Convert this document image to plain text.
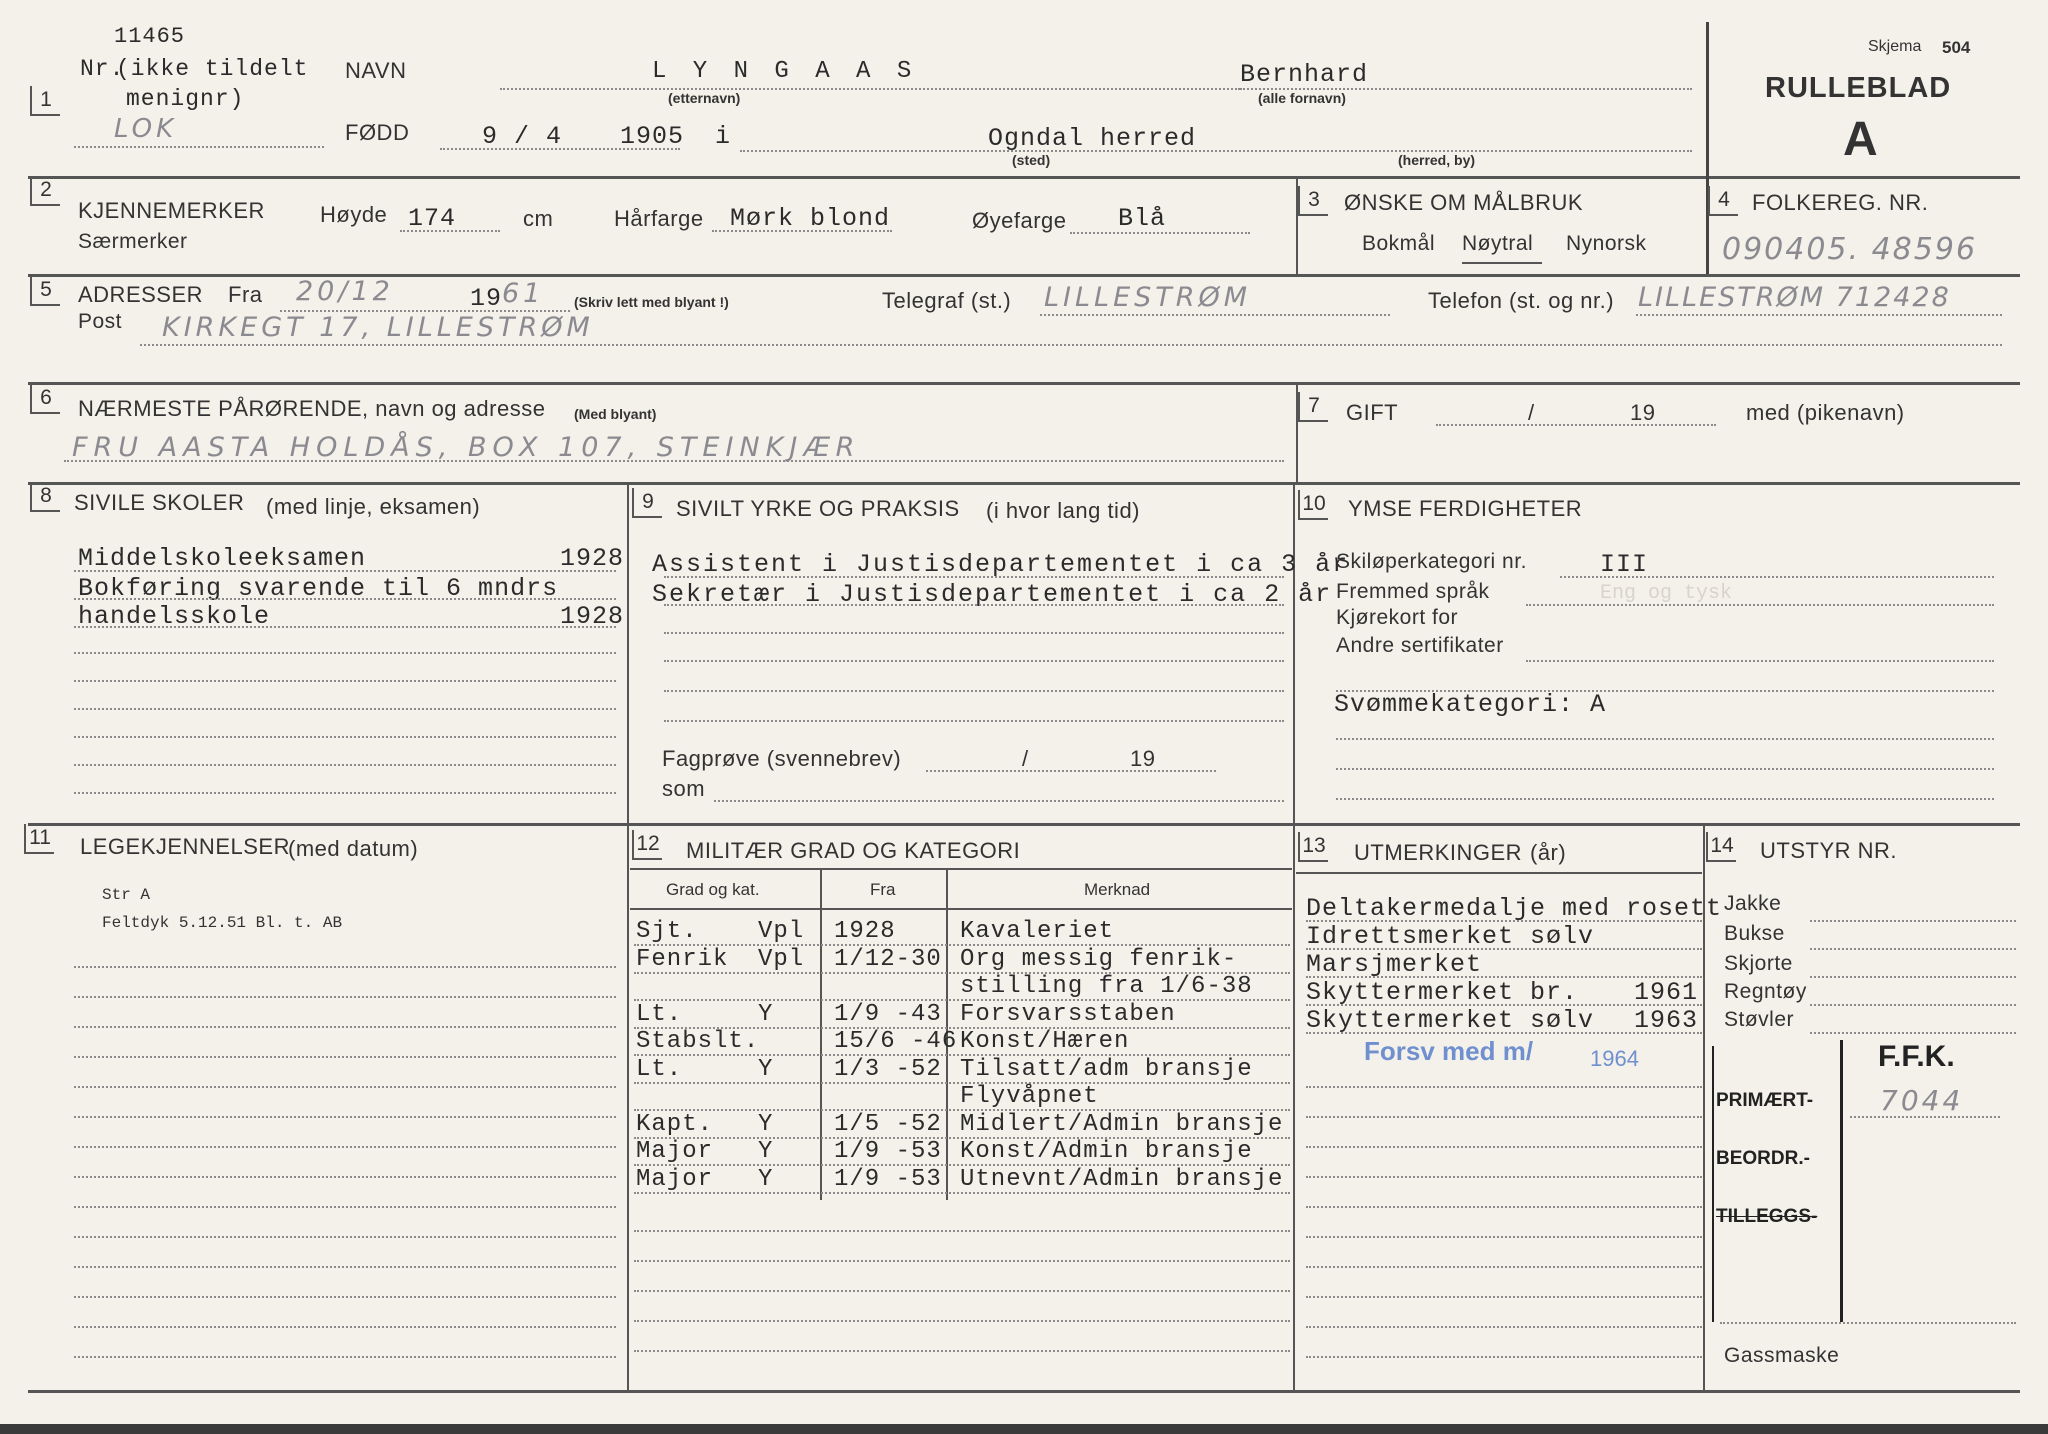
11465
Nr.
(ikke tildelt
menignr)
1
NAVN	L Y N G A A S
(etternavn)
Bernhard
(alle fornavn)
LOK	FØDD	9 / 4 1905 i	Ogndal herred
(sted)	(herred, by)
Skjema 504
RULLEBLAD
A
2
KJENNEMERKER
Særmerker
Høyde 174	cm	Hårfarge Mørk blond	Øyefarge Blå
3	ØNSKE OM MÅLBRUK
Bokmål Nøytral Nynorsk
4	FOLKEREG. NR.
090405. 48596
5	ADRESSER Fra 20/12	19 61 (Skriv lett med blyant !)	Telegraf (st.) LILLESTRØM	Telefon (st. og nr.) LILLESTRØM 712428
Post KIRKEGT 17, LILLESTRØM
6	NÆRMESTE PÅRØRENDE, navn og adresse (Med blyant)
FRU AASTA HOLDÅS, BOX 107, STEINKJÆR
7	GIFT	/	19	med (pikenavn)
8	SIVILE SKOLER (med linje, eksamen)
Middelskoleeksamen	1928
Bokføring svarende til 6 mndrs
handelsskole	1928
9	SIVILT YRKE OG PRAKSIS (i hvor lang tid)
Assistent i Justisdepartementet i ca 3 år
Sekretær i Justisdepartementet i ca 2 år
Fagprøve (svennebrev)	/	19
som
10 YMSE FERDIGHETER
Skiløperkategori nr.	III
Fremmed språk	Eng og tysk
Kjørekort for
Andre sertifikater
Svømmekategori: A
11 LEGEKJENNELSER
(med datum)
Str A
Feltdyk 5.12.51 Bl. t. AB
12 MILITÆR GRAD OG KATEGORI
Grad og kat.	Fra	Merknad
Sjt.	Vpl 1928	Kavaleriet
Fenrik Vpl 1/12-30 Org messig fenrik-
stilling fra 1/6-38
Lt.	Y	1/9 -43 Forsvarsstaben
Stabslt.	15/6 -46 Konst/Hæren
Lt.	Y	1/3 -52 Tilsatt/adm bransje
Flyvåpnet
Kapt. Y	1/5 -52 Midlert/Admin bransje
Major Y	1/9 -53 Konst/Admin bransje
Major Y	1/9 -53 Utnevnt/Admin bransje
13 UTMERKINGER (år)
Deltakermedalje med rosett
Idrettsmerket sølv
Marsjmerket
Skyttermerket br. 1961
Skyttermerket sølv 1963
Forsv med m/	1964
14 UTSTYR NR.
Jakke
Bukse
Skjorte
Regntøy
Støvler
F.F.K.
PRIMÆRT- 7044
BEORDR.-
TILLEGGS-
Gassmaske
